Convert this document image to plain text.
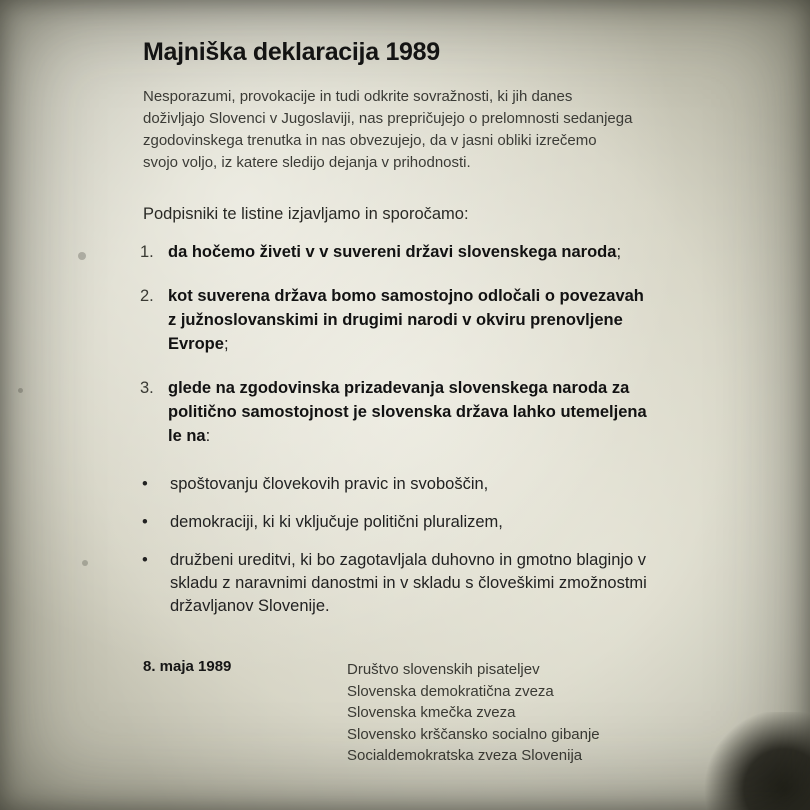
Majniška deklaracija 1989

Nesporazumi, provokacije in tudi odkrite sovražnosti, ki jih danes doživljajo Slovenci v Jugoslaviji, nas prepričujejo o prelomnosti sedanjega zgodovinskega trenutka in nas obvezujejo, da v jasni obliki izrečemo svojo voljo, iz katere sledijo dejanja v prihodnosti.

Podpisniki te listine izjavljamo in sporočamo:

1. da hočemo živeti v v suvereni državi slovenskega naroda;
2. kot suverena država bomo samostojno odločali o povezavah z južnoslovanskimi in drugimi narodi v okviru prenovljene Evrope;
3. glede na zgodovinska prizadevanja slovenskega naroda za politično samostojnost je slovenska država lahko utemeljena le na:
•	spoštovanju človekovih pravic in svoboščin,
•	demokraciji, ki ki vključuje politični pluralizem,
•	družbeni ureditvi, ki bo zagotavljala duhovno in gmotno blaginjo v skladu z naravnimi danostmi in v skladu s človeškimi zmožnostmi državljanov Slovenije.
8. maja 1989	Društvo slovenskih pisateljev
Slovenska demokratična zveza
Slovenska kmečka zveza
Slovensko krščansko socialno gibanje
Socialdemokratska zveza Slovenija
